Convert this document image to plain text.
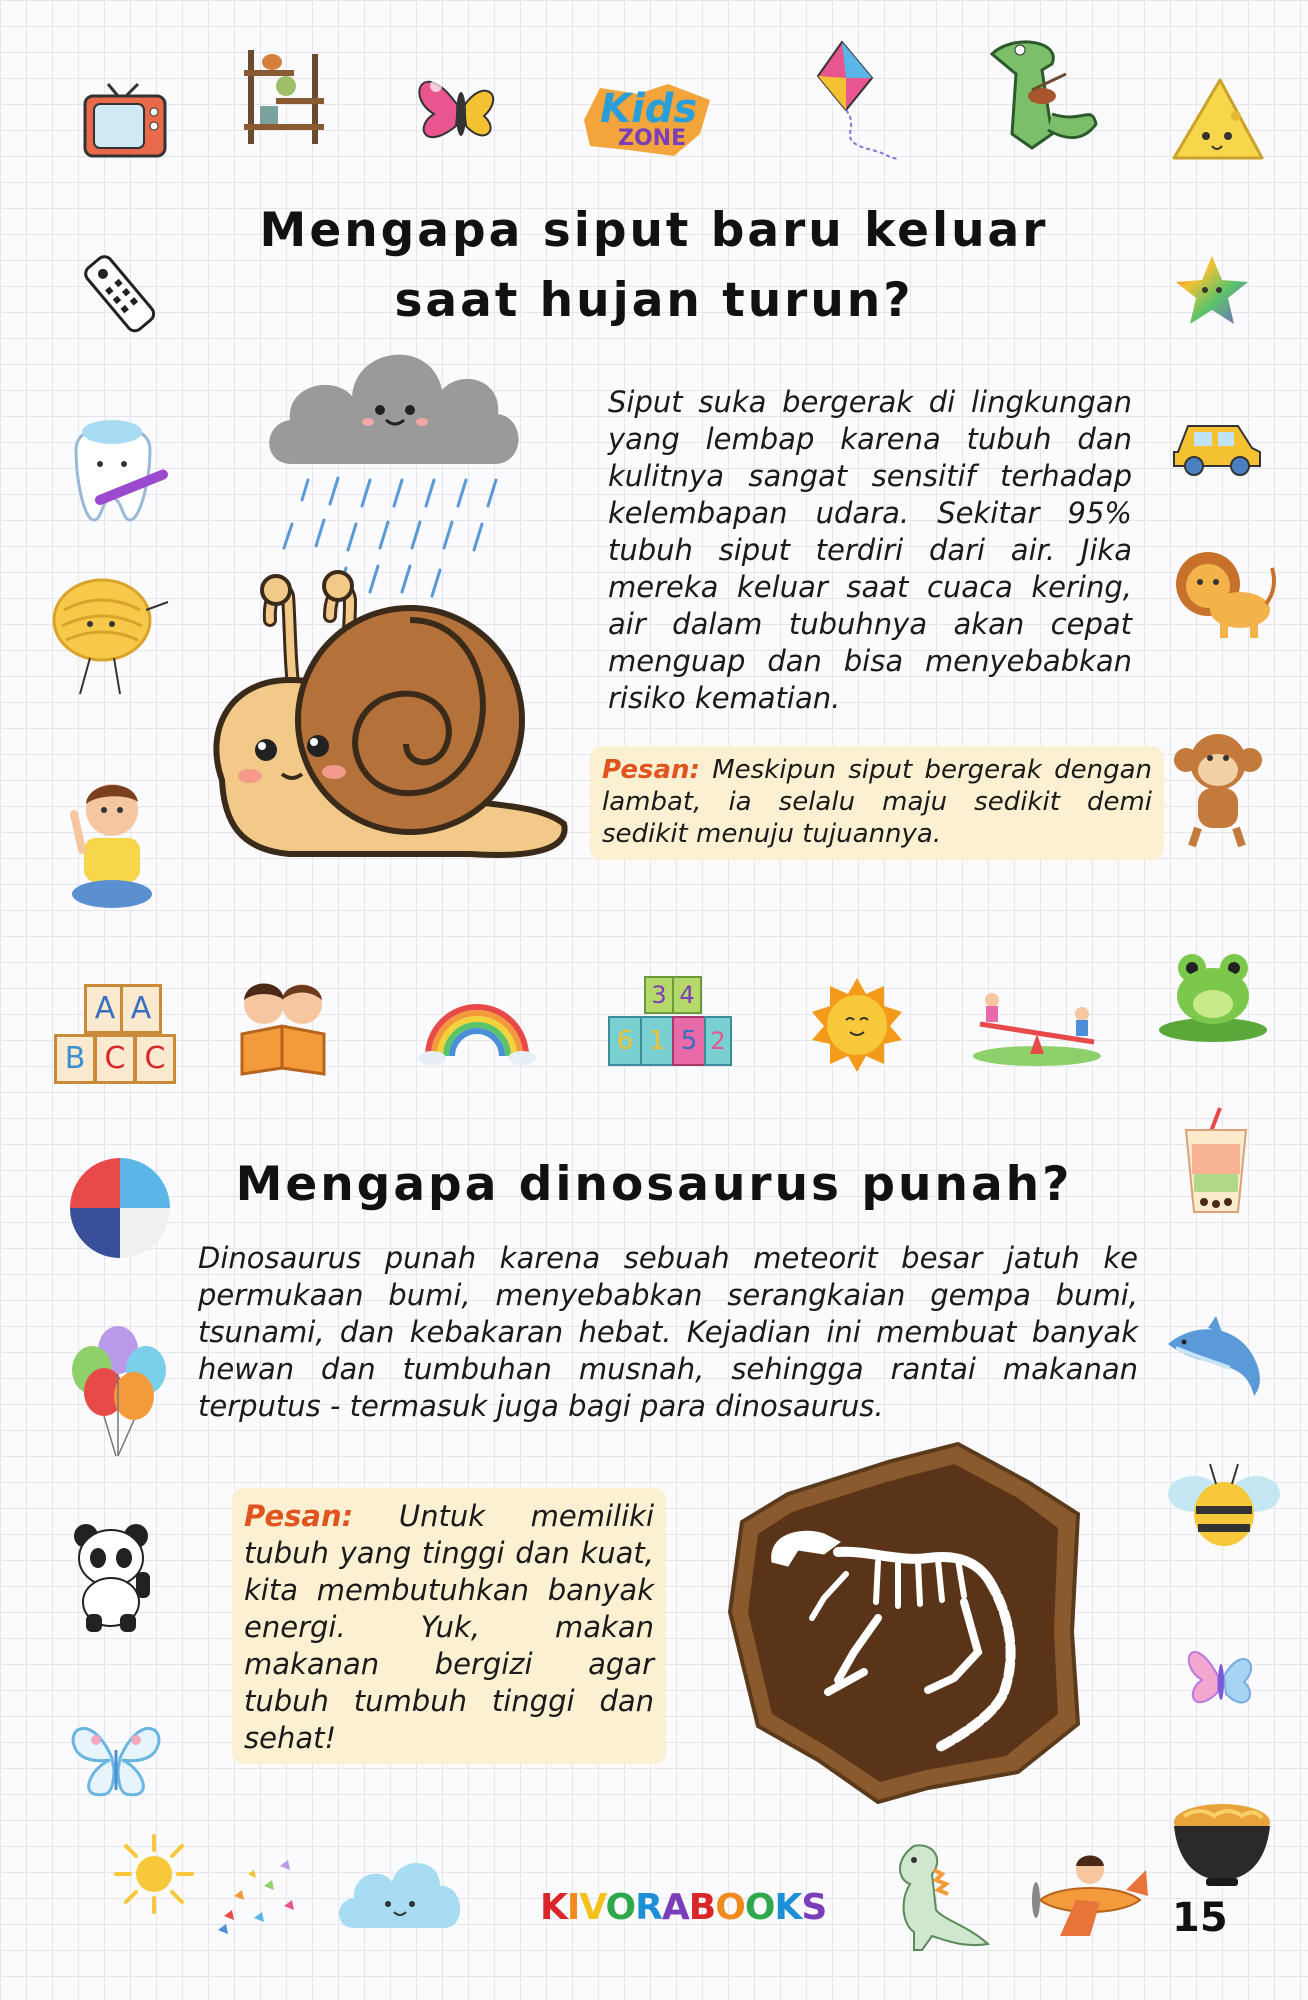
Kids
ZONE
A A
B C C
3 4
6 1 5 2
KIVORABOOKS	15
Mengapa siput baru keluar
saat hujan turun?
Siput suka bergerak di lingkungan yang lembap karena tubuh dan kulitnya sangat sensitif terhadap kelembapan udara. Sekitar 95% tubuh siput terdiri dari air. Jika mereka keluar saat cuaca kering, air dalam tubuhnya akan cepat menguap dan bisa menyebabkan risiko kematian.
Pesan: Meskipun siput bergerak dengan lambat, ia selalu maju sedikit demi sedikit menuju tujuannya.
Mengapa dinosaurus punah?
Dinosaurus punah karena sebuah meteorit besar jatuh ke permukaan bumi, menyebabkan serangkaian gempa bumi, tsunami, dan kebakaran hebat. Kejadian ini membuat banyak hewan dan tumbuhan musnah, sehingga rantai makanan terputus - termasuk juga bagi para dinosaurus.
Pesan: Untuk memiliki tubuh yang tinggi dan kuat, kita membutuhkan banyak energi. Yuk, makan makanan bergizi agar tubuh tumbuh tinggi dan sehat!
